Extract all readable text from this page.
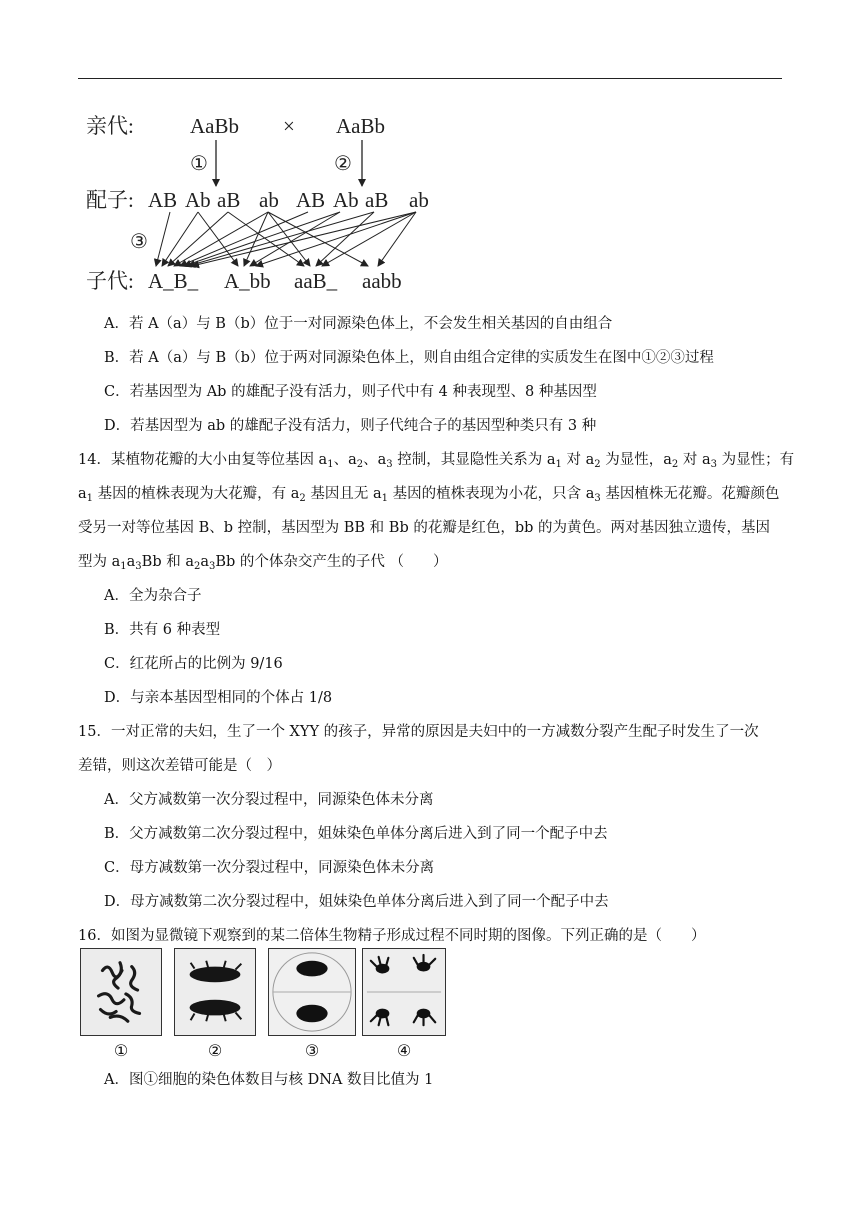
亲代:	AaBb × AaBb
①	②
配子: AB Ab aB ab AB Ab aB ab
③
子代: A_B_ A_bb aaB_ aabb
A．若 A（a）与 B（b）位于一对同源染色体上，不会发生相关基因的自由组合
B．若 A（a）与 B（b）位于两对同源染色体上，则自由组合定律的实质发生在图中①②③过程
C．若基因型为 Ab 的雄配子没有活力，则子代中有 4 种表现型、8 种基因型
D．若基因型为 ab 的雄配子没有活力，则子代纯合子的基因型种类只有 3 种
14．某植物花瓣的大小由复等位基因 $a_1$、$a_2$、$a_3$ 控制，其显隐性关系为 $a_1$ 对 $a_2$ 为显性，$a_2$ 对 $a_3$ 为显性；有
$a_1$ 基因的植株表现为大花瓣，有 $a_2$ 基因且无 $a_1$ 基因的植株表现为小花，只含 $a_3$ 基因植株无花瓣。花瓣颜色
受另一对等位基因 B、b 控制，基因型为 BB 和 Bb 的花瓣是红色，bb 的为黄色。两对基因独立遗传，基因
型为 $a_1a_3Bb$ 和 $a_2a_3Bb$ 的个体杂交产生的子代 （　　）
A．全为杂合子
B．共有 6 种表型
C．红花所占的比例为 9/16
D．与亲本基因型相同的个体占 1/8
15．一对正常的夫妇，生了一个 XYY 的孩子，异常的原因是夫妇中的一方减数分裂产生配子时发生了一次
差错，则这次差错可能是（　）
A．父方减数第一次分裂过程中，同源染色体未分离
B．父方减数第二次分裂过程中，姐妹染色单体分离后进入到了同一个配子中去
C．母方减数第一次分裂过程中，同源染色体未分离
D．母方减数第二次分裂过程中，姐妹染色单体分离后进入到了同一个配子中去
16．如图为显微镜下观察到的某二倍体生物精子形成过程不同时期的图像。下列正确的是（　　）
①	②	③	④
A．图①细胞的染色体数目与核 DNA 数目比值为 1
